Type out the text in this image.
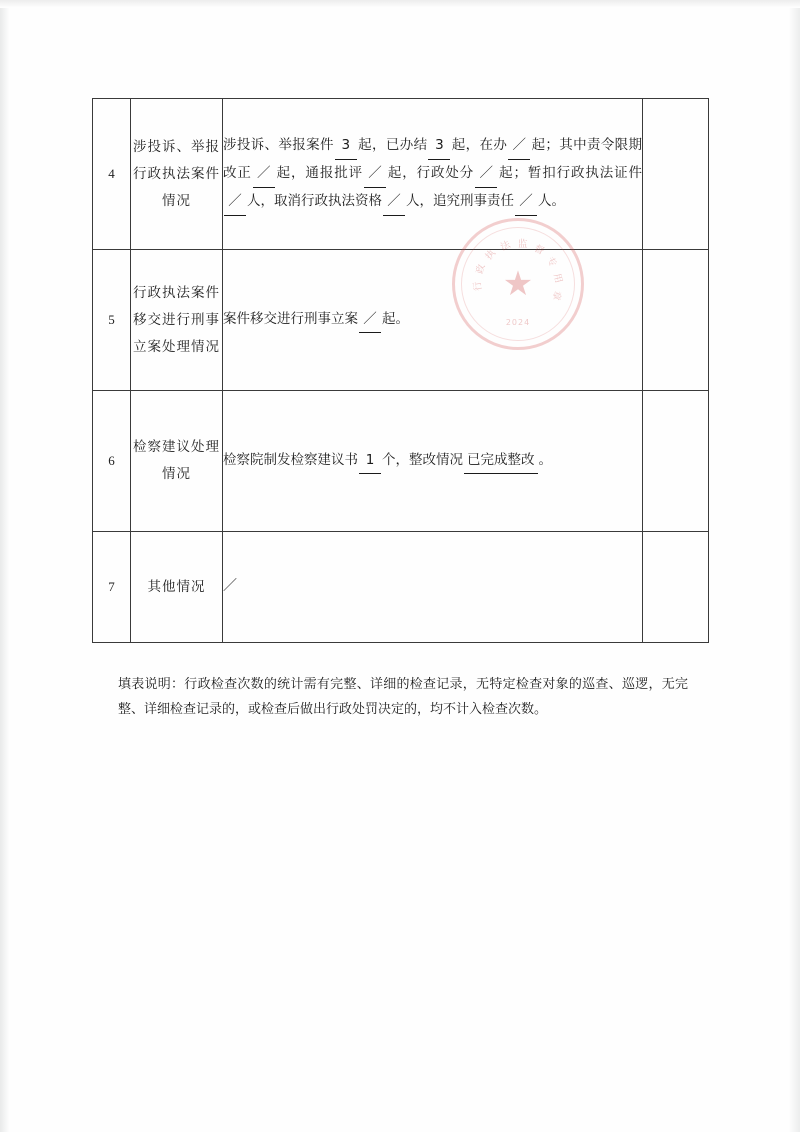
4	涉投诉、举报行政执法案件情况	涉投诉、举报案件 3 起，已办结 3 起，在办 ／ 起；其中责令限期改正 ／ 起，通报批评 ／ 起，行政处分 ／ 起；暂扣行政执法证件／ 人，取消行政执法资格 ／ 人，追究刑事责任 ／ 人。	
5	行政执法案件移交进行刑事立案处理情况	案件移交进行刑事立案 ／ 起。	
6	检察建议处理情况	检察院制发检察建议书 1 个，整改情况 已完成整改 。	
7	其他情况	／	
填表说明：行政检查次数的统计需有完整、详细的检查记录，无特定检查对象的巡查、巡逻，无完整、详细检查记录的，或检查后做出行政处罚决定的，均不计入检查次数。
行
政
执
法 监 督
专
用
章
★
2024
